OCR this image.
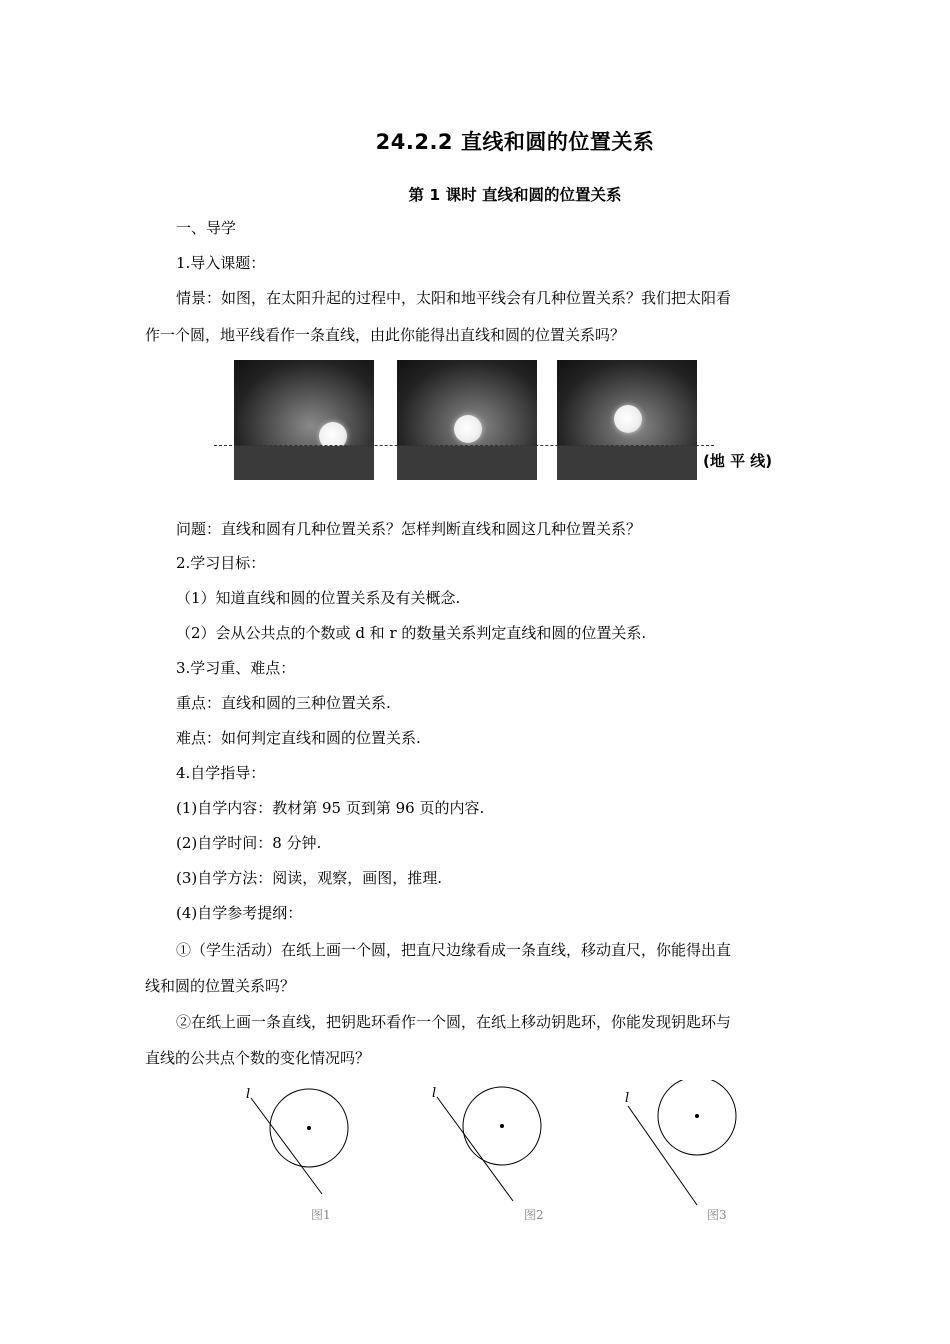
24.2.2 直线和圆的位置关系
第 1 课时 直线和圆的位置关系
一、导学
1.导入课题：
情景：如图，在太阳升起的过程中，太阳和地平线会有几种位置关系？我们把太阳看
作一个圆，地平线看作一条直线，由此你能得出直线和圆的位置关系吗？
(地 平 线)
问题：直线和圆有几种位置关系？怎样判断直线和圆这几种位置关系？
2.学习目标：
（1）知道直线和圆的位置关系及有关概念.
（2）会从公共点的个数或 d 和 r 的数量关系判定直线和圆的位置关系.
3.学习重、难点：
重点：直线和圆的三种位置关系.
难点：如何判定直线和圆的位置关系.
4.自学指导：
(1)自学内容：教材第 95 页到第 96 页的内容.
(2)自学时间：8 分钟.
(3)自学方法：阅读，观察，画图，推理.
(4)自学参考提纲：
①（学生活动）在纸上画一个圆，把直尺边缘看成一条直线，移动直尺，你能得出直
线和圆的位置关系吗？
②在纸上画一条直线，把钥匙环看作一个圆，在纸上移动钥匙环，你能发现钥匙环与
直线的公共点个数的变化情况吗？
l
图1
l
图2
l
图3
